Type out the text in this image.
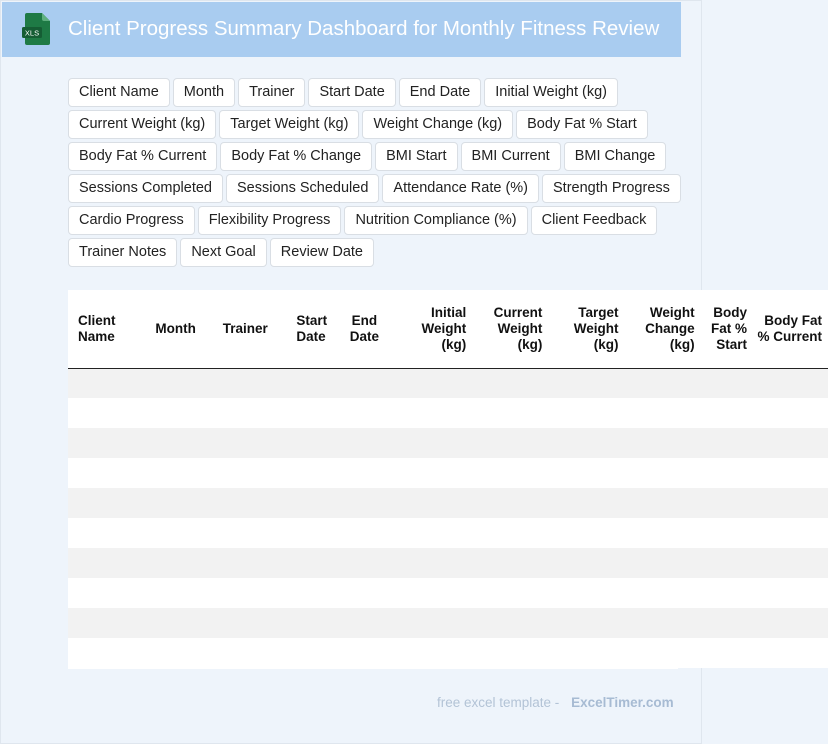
XLS Client Progress Summary Dashboard for Monthly Fitness Review
Client Name	Month	Trainer	Start Date	End Date	Initial Weight (kg)
Current Weight (kg)	Target Weight (kg)	Weight Change (kg)	Body Fat % Start
Body Fat % Current	Body Fat % Change	BMI Start	BMI Current	BMI Change
Sessions Completed	Sessions Scheduled	Attendance Rate (%)	Strength Progress
Cardio Progress	Flexibility Progress	Nutrition Compliance (%)	Client Feedback
Trainer Notes	Next Goal	Review Date
Client Name	Month	Trainer	Start Date	End Date	Initial Weight (kg)	Current Weight (kg)	Target Weight (kg)	Weight Change (kg)	Body Fat % Start	Body Fat % Current

free excel template - ExcelTimer.com
